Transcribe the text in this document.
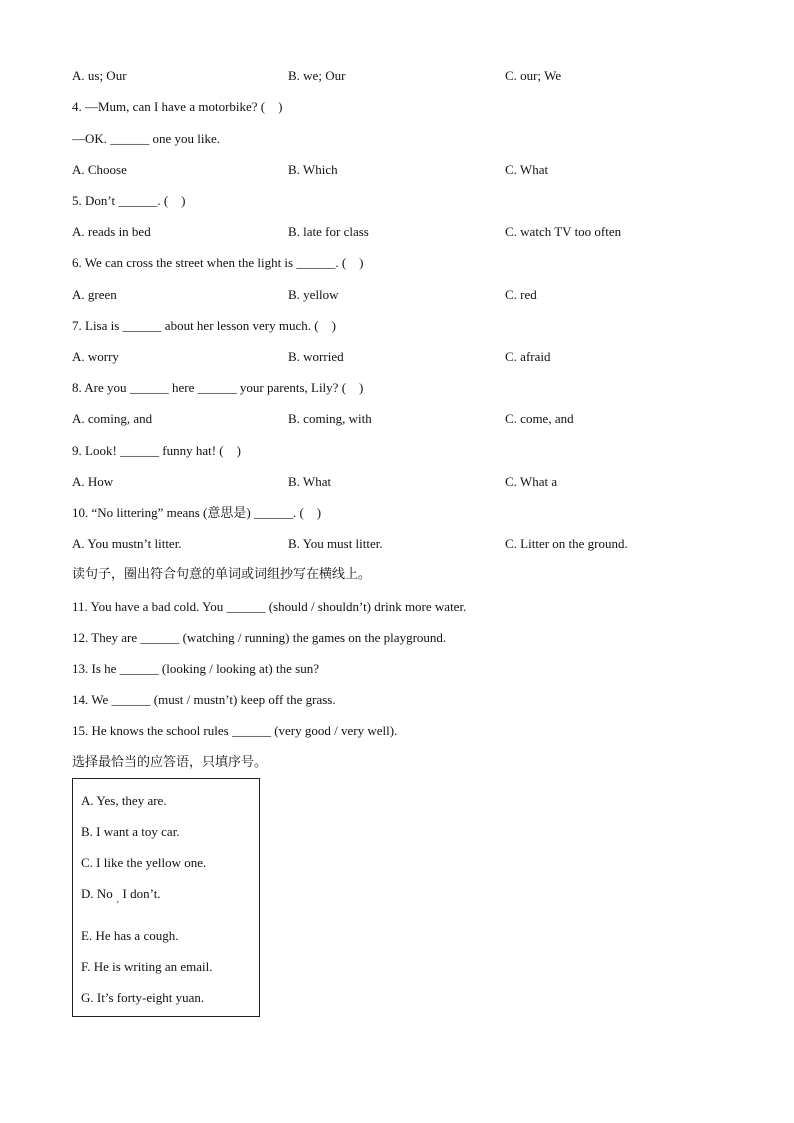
A. us; Our	B. we; Our	C. our; We
4. —Mum, can I have a motorbike? (    )
—OK. ______ one you like.
A. Choose	B. Which	C. What
5. Don’t ______. (    )
A. reads in bed	B. late for class	C. watch TV too often
6. We can cross the street when the light is ______. (    )
A. green	B. yellow	C. red
7. Lisa is ______ about her lesson very much. (    )
A. worry	B. worried	C. afraid
8. Are you ______ here ______ your parents, Lily? (    )
A. coming, and	B. coming, with	C. come, and
9. Look! ______ funny hat! (    )
A. How	B. What	C. What a
10. “No littering” means (意思是) ______. (    )
A. You mustn’t litter.	B. You must litter.	C. Litter on the ground.
读句子，圈出符合句意的单词或词组抄写在横线上。
11. You have a bad cold. You ______ (should / shouldn’t) drink more water.
12. They are ______ (watching / running) the games on the playground.
13. Is he ______ (looking / looking at) the sun?
14. We ______ (must / mustn’t) keep off the grass.
15. He knows the school rules ______ (very good / very well).
选择最恰当的应答语，只填序号。
A. Yes, they are.
B. I want a toy car.
C. I like the yellow one.
D. No   I don’t.
'
E. He has a cough.
F. He is writing an email.
G. It’s forty-eight yuan.
